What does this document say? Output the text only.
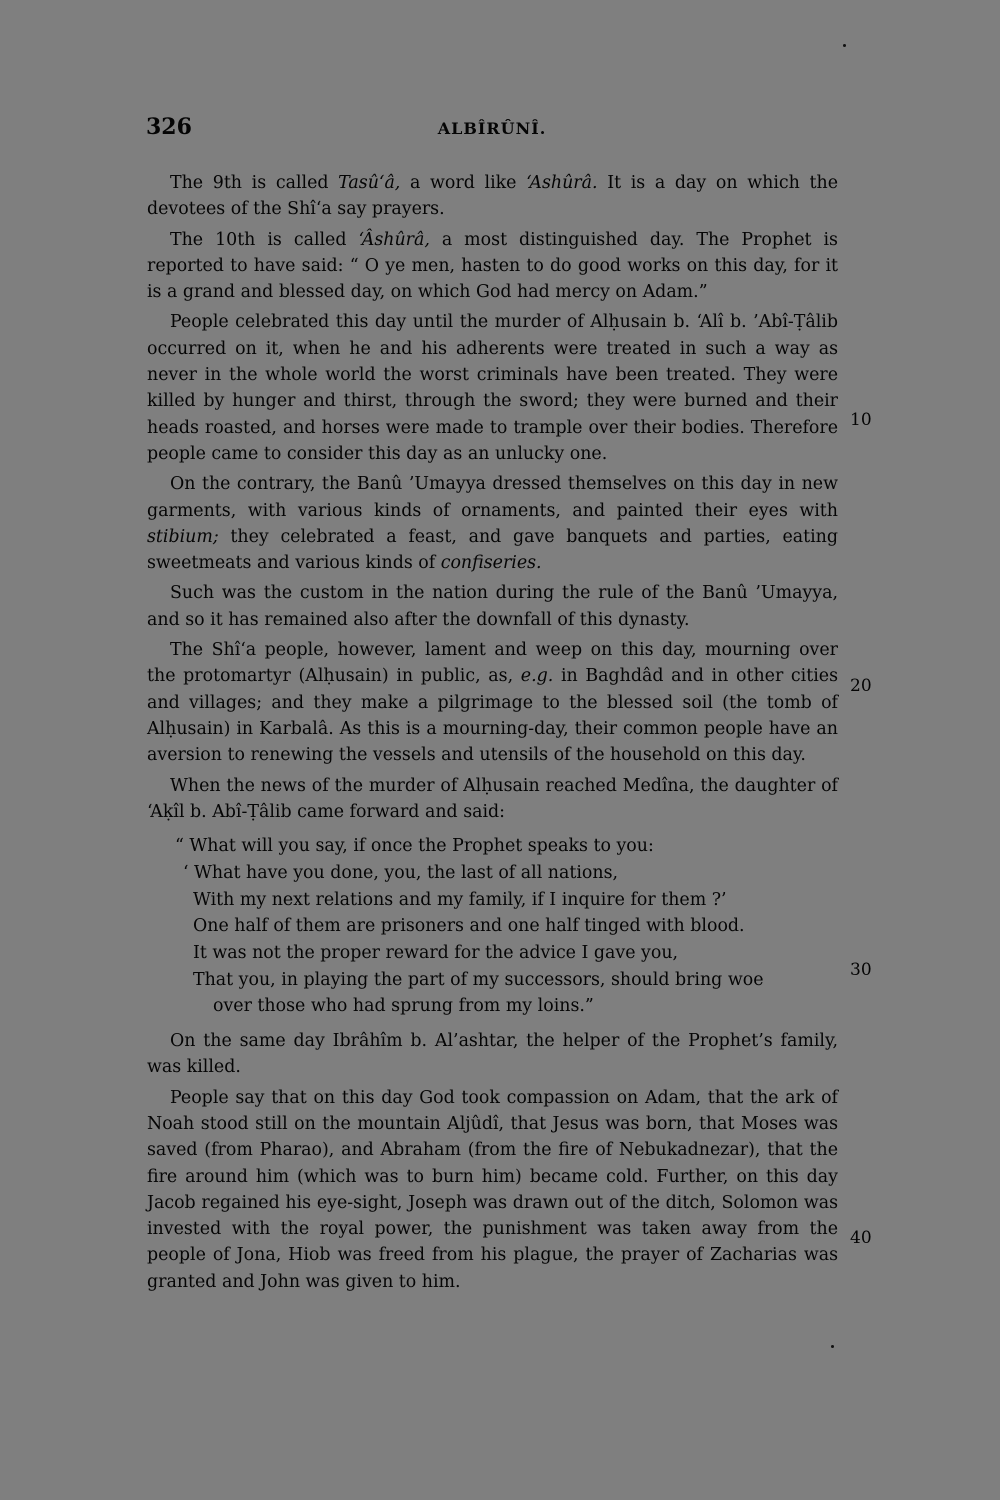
326	ALBÎRÛNÎ.

The 9th is called Tasû‘â, a word like ‘Ashûrâ. It is a day on which the devotees of the Shî‘a say prayers.

The 10th is called ‘Âshûrâ, a most distinguished day. The Prophet is reported to have said: “ O ye men, hasten to do good works on this day, for it is a grand and blessed day, on which God had mercy on Adam.”

People celebrated this day until the murder of Alḥusain b. ‘Alî b. ’Abî-Ṭâlib occurred on it, when he and his adherents were treated in such a way as never in the whole world the worst criminals have been treated. They were killed by hunger and thirst, through the sword; they were burned and their heads roasted, and horses were made to trample over their bodies. Therefore people came to consider this day as an unlucky one.

On the contrary, the Banû ’Umayya dressed themselves on this day in new garments, with various kinds of ornaments, and painted their eyes with stibium; they celebrated a feast, and gave banquets and parties, eating sweetmeats and various kinds of confiseries.

Such was the custom in the nation during the rule of the Banû ’Umayya, and so it has remained also after the downfall of this dynasty.

The Shî‘a people, however, lament and weep on this day, mourning over the protomartyr (Alḥusain) in public, as, e.g. in Baghdâd and in other cities and villages; and they make a pilgrimage to the blessed soil (the tomb of Alḥusain) in Karbalâ. As this is a mourning-day, their common people have an aversion to renewing the vessels and utensils of the household on this day.

When the news of the murder of Alḥusain reached Medîna, the daughter of ‘Aḳîl b. Abî-Ṭâlib came forward and said:

“ What will you say, if once the Prophet speaks to you:
‘ What have you done, you, the last of all nations,
With my next relations and my family, if I inquire for them ?’
One half of them are prisoners and one half tinged with blood.
It was not the proper reward for the advice I gave you,
That you, in playing the part of my successors, should bring woe
over those who had sprung from my loins.”

On the same day Ibrâhîm b. Al’ashtar, the helper of the Prophet’s family, was killed.

People say that on this day God took compassion on Adam, that the ark of Noah stood still on the mountain Aljûdî, that Jesus was born, that Moses was saved (from Pharao), and Abraham (from the fire of Nebukadnezar), that the fire around him (which was to burn him) became cold. Further, on this day Jacob regained his eye-sight, Joseph was drawn out of the ditch, Solomon was invested with the royal power, the punishment was taken away from the people of Jona, Hiob was freed from his plague, the prayer of Zacharias was granted and John was given to him.

10
20
30
40
